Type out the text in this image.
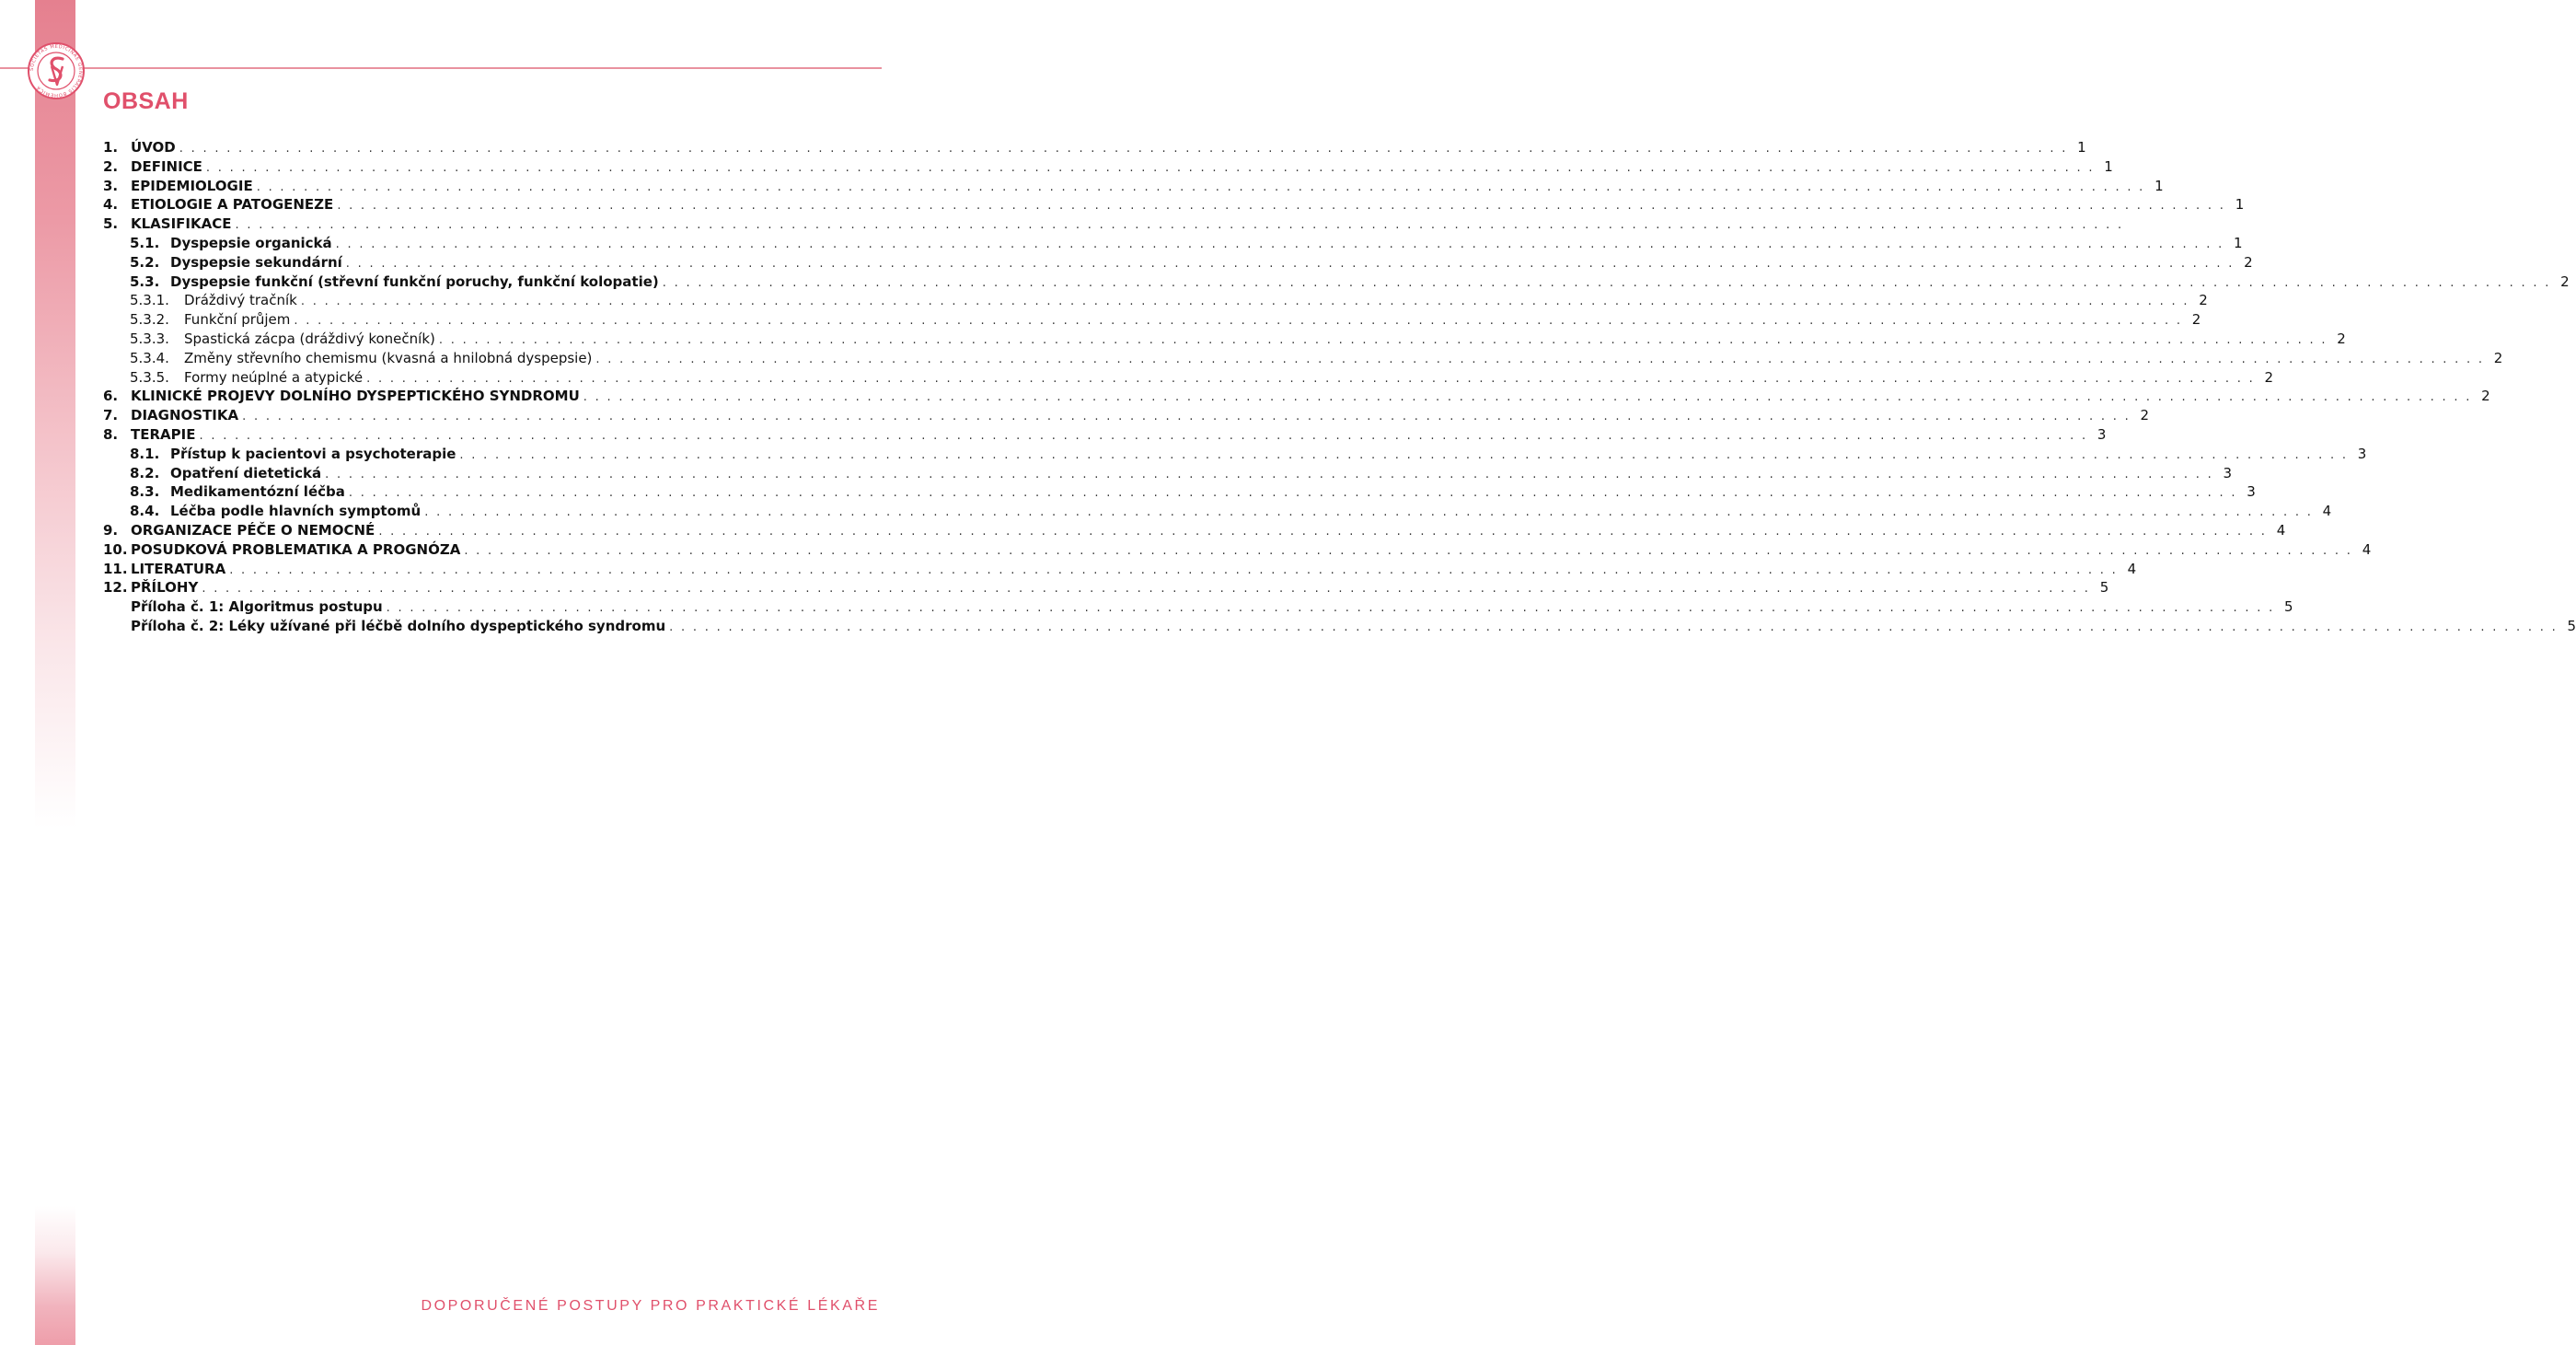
SOCIETAS MEDICINAE GENERALIS BOHEMICA
OBSAH
1. ÚVOD . . . . . . . . . . . . . . . . . . . . . . . . . . . . . . . . . . . . . . . . . . . . . . . . . . . . . . . . . . . . . . . . . . . . . . . . . . . . . . . . . . . . . . . . . . . . . . . . . . . . . . . . . . . . . . . . . . . . . . . . . . . . . . . . . . . . . . . . . . . . . . . . . . . . . . . . . . . . . . . . 1
2. DEFINICE . . . . . . . . . . . . . . . . . . . . . . . . . . . . . . . . . . . . . . . . . . . . . . . . . . . . . . . . . . . . . . . . . . . . . . . . . . . . . . . . . . . . . . . . . . . . . . . . . . . . . . . . . . . . . . . . . . . . . . . . . . . . . . . . . . . . . . . . . . . . . . . . . . . . . . . . . . . . . . . . 1
3. EPIDEMIOLOGIE . . . . . . . . . . . . . . . . . . . . . . . . . . . . . . . . . . . . . . . . . . . . . . . . . . . . . . . . . . . . . . . . . . . . . . . . . . . . . . . . . . . . . . . . . . . . . . . . . . . . . . . . . . . . . . . . . . . . . . . . . . . . . . . . . . . . . . . . . . . . . . . . . . . . . . . . . . . . . . . . 1
4. ETIOLOGIE A PATOGENEZE . . . . . . . . . . . . . . . . . . . . . . . . . . . . . . . . . . . . . . . . . . . . . . . . . . . . . . . . . . . . . . . . . . . . . . . . . . . . . . . . . . . . . . . . . . . . . . . . . . . . . . . . . . . . . . . . . . . . . . . . . . . . . . . . . . . . . . . . . . . . . . . . . . . . . . . . . . . . . . . . 1
5. KLASIFIKACE . . . . . . . . . . . . . . . . . . . . . . . . . . . . . . . . . . . . . . . . . . . . . . . . . . . . . . . . . . . . . . . . . . . . . . . . . . . . . . . . . . . . . . . . . . . . . . . . . . . . . . . . . . . . . . . . . . . . . . . . . . . . . . . . . . . . . . . . . . . . . . . . . . . . . . . . . . . . . . . .
5.1. Dyspepsie organická . . . . . . . . . . . . . . . . . . . . . . . . . . . . . . . . . . . . . . . . . . . . . . . . . . . . . . . . . . . . . . . . . . . . . . . . . . . . . . . . . . . . . . . . . . . . . . . . . . . . . . . . . . . . . . . . . . . . . . . . . . . . . . . . . . . . . . . . . . . . . . . . . . . . . . . . . . . . . . . . 1
5.2. Dyspepsie sekundární . . . . . . . . . . . . . . . . . . . . . . . . . . . . . . . . . . . . . . . . . . . . . . . . . . . . . . . . . . . . . . . . . . . . . . . . . . . . . . . . . . . . . . . . . . . . . . . . . . . . . . . . . . . . . . . . . . . . . . . . . . . . . . . . . . . . . . . . . . . . . . . . . . . . . . . . . . . . . . . . 2
5.3. Dyspepsie funkční (střevní funkční poruchy, funkční kolopatie) . . . . . . . . . . . . . . . . . . . . . . . . . . . . . . . . . . . . . . . . . . . . . . . . . . . . . . . . . . . . . . . . . . . . . . . . . . . . . . . . . . . . . . . . . . . . . . . . . . . . . . . . . . . . . . . . . . . . . . . . . . . . . . . . . . . . . . . . . . . . . . . . . . . . . . . . . . . . . . . . 2
5.3.1.	Dráždivý tračník . . . . . . . . . . . . . . . . . . . . . . . . . . . . . . . . . . . . . . . . . . . . . . . . . . . . . . . . . . . . . . . . . . . . . . . . . . . . . . . . . . . . . . . . . . . . . . . . . . . . . . . . . . . . . . . . . . . . . . . . . . . . . . . . . . . . . . . . . . . . . . . . . . . . . . . . . . . . . . . . 2
5.3.2.	Funkční průjem . . . . . . . . . . . . . . . . . . . . . . . . . . . . . . . . . . . . . . . . . . . . . . . . . . . . . . . . . . . . . . . . . . . . . . . . . . . . . . . . . . . . . . . . . . . . . . . . . . . . . . . . . . . . . . . . . . . . . . . . . . . . . . . . . . . . . . . . . . . . . . . . . . . . . . . . . . . . . . . . 2
5.3.3.	Spastická zácpa (dráždivý konečník) . . . . . . . . . . . . . . . . . . . . . . . . . . . . . . . . . . . . . . . . . . . . . . . . . . . . . . . . . . . . . . . . . . . . . . . . . . . . . . . . . . . . . . . . . . . . . . . . . . . . . . . . . . . . . . . . . . . . . . . . . . . . . . . . . . . . . . . . . . . . . . . . . . . . . . . . . . . . . . . . 2
5.3.4.	Změny střevního chemismu (kvasná a hnilobná dyspepsie) . . . . . . . . . . . . . . . . . . . . . . . . . . . . . . . . . . . . . . . . . . . . . . . . . . . . . . . . . . . . . . . . . . . . . . . . . . . . . . . . . . . . . . . . . . . . . . . . . . . . . . . . . . . . . . . . . . . . . . . . . . . . . . . . . . . . . . . . . . . . . . . . . . . . . . . . . . . . . . . . 2
5.3.5.	Formy neúplné a atypické . . . . . . . . . . . . . . . . . . . . . . . . . . . . . . . . . . . . . . . . . . . . . . . . . . . . . . . . . . . . . . . . . . . . . . . . . . . . . . . . . . . . . . . . . . . . . . . . . . . . . . . . . . . . . . . . . . . . . . . . . . . . . . . . . . . . . . . . . . . . . . . . . . . . . . . . . . . . . . . . 2
6. KLINICKÉ PROJEVY DOLNÍHO DYSPEPTICKÉHO SYNDROMU . . . . . . . . . . . . . . . . . . . . . . . . . . . . . . . . . . . . . . . . . . . . . . . . . . . . . . . . . . . . . . . . . . . . . . . . . . . . . . . . . . . . . . . . . . . . . . . . . . . . . . . . . . . . . . . . . . . . . . . . . . . . . . . . . . . . . . . . . . . . . . . . . . . . . . . . . . . . . . . . 2
7. DIAGNOSTIKA . . . . . . . . . . . . . . . . . . . . . . . . . . . . . . . . . . . . . . . . . . . . . . . . . . . . . . . . . . . . . . . . . . . . . . . . . . . . . . . . . . . . . . . . . . . . . . . . . . . . . . . . . . . . . . . . . . . . . . . . . . . . . . . . . . . . . . . . . . . . . . . . . . . . . . . . . . . . . . . . 2
8. TERAPIE . . . . . . . . . . . . . . . . . . . . . . . . . . . . . . . . . . . . . . . . . . . . . . . . . . . . . . . . . . . . . . . . . . . . . . . . . . . . . . . . . . . . . . . . . . . . . . . . . . . . . . . . . . . . . . . . . . . . . . . . . . . . . . . . . . . . . . . . . . . . . . . . . . . . . . . . . . . . . . . . 3
8.1. Přístup k pacientovi a psychoterapie . . . . . . . . . . . . . . . . . . . . . . . . . . . . . . . . . . . . . . . . . . . . . . . . . . . . . . . . . . . . . . . . . . . . . . . . . . . . . . . . . . . . . . . . . . . . . . . . . . . . . . . . . . . . . . . . . . . . . . . . . . . . . . . . . . . . . . . . . . . . . . . . . . . . . . . . . . . . . . . . 3
8.2. Opatření dietetická . . . . . . . . . . . . . . . . . . . . . . . . . . . . . . . . . . . . . . . . . . . . . . . . . . . . . . . . . . . . . . . . . . . . . . . . . . . . . . . . . . . . . . . . . . . . . . . . . . . . . . . . . . . . . . . . . . . . . . . . . . . . . . . . . . . . . . . . . . . . . . . . . . . . . . . . . . . . . . . . 3
8.3. Medikamentózní léčba . . . . . . . . . . . . . . . . . . . . . . . . . . . . . . . . . . . . . . . . . . . . . . . . . . . . . . . . . . . . . . . . . . . . . . . . . . . . . . . . . . . . . . . . . . . . . . . . . . . . . . . . . . . . . . . . . . . . . . . . . . . . . . . . . . . . . . . . . . . . . . . . . . . . . . . . . . . . . . . . 3
8.4. Léčba podle hlavních symptomů . . . . . . . . . . . . . . . . . . . . . . . . . . . . . . . . . . . . . . . . . . . . . . . . . . . . . . . . . . . . . . . . . . . . . . . . . . . . . . . . . . . . . . . . . . . . . . . . . . . . . . . . . . . . . . . . . . . . . . . . . . . . . . . . . . . . . . . . . . . . . . . . . . . . . . . . . . . . . . . . 4
9. ORGANIZACE PÉČE O NEMOCNÉ . . . . . . . . . . . . . . . . . . . . . . . . . . . . . . . . . . . . . . . . . . . . . . . . . . . . . . . . . . . . . . . . . . . . . . . . . . . . . . . . . . . . . . . . . . . . . . . . . . . . . . . . . . . . . . . . . . . . . . . . . . . . . . . . . . . . . . . . . . . . . . . . . . . . . . . . . . . . . . . . 4
10. POSUDKOVÁ PROBLEMATIKA A PROGNÓZA . . . . . . . . . . . . . . . . . . . . . . . . . . . . . . . . . . . . . . . . . . . . . . . . . . . . . . . . . . . . . . . . . . . . . . . . . . . . . . . . . . . . . . . . . . . . . . . . . . . . . . . . . . . . . . . . . . . . . . . . . . . . . . . . . . . . . . . . . . . . . . . . . . . . . . . . . . . . . . . . 4
11. LITERATURA . . . . . . . . . . . . . . . . . . . . . . . . . . . . . . . . . . . . . . . . . . . . . . . . . . . . . . . . . . . . . . . . . . . . . . . . . . . . . . . . . . . . . . . . . . . . . . . . . . . . . . . . . . . . . . . . . . . . . . . . . . . . . . . . . . . . . . . . . . . . . . . . . . . . . . . . . . . . . . . . 4
12. PŘÍLOHY . . . . . . . . . . . . . . . . . . . . . . . . . . . . . . . . . . . . . . . . . . . . . . . . . . . . . . . . . . . . . . . . . . . . . . . . . . . . . . . . . . . . . . . . . . . . . . . . . . . . . . . . . . . . . . . . . . . . . . . . . . . . . . . . . . . . . . . . . . . . . . . . . . . . . . . . . . . . . . . . 5
Příloha č. 1: Algoritmus postupu . . . . . . . . . . . . . . . . . . . . . . . . . . . . . . . . . . . . . . . . . . . . . . . . . . . . . . . . . . . . . . . . . . . . . . . . . . . . . . . . . . . . . . . . . . . . . . . . . . . . . . . . . . . . . . . . . . . . . . . . . . . . . . . . . . . . . . . . . . . . . . . . . . . . . . . . . . . . . . . . 5
Příloha č. 2: Léky užívané při léčbě dolního dyspeptického syndromu . . . . . . . . . . . . . . . . . . . . . . . . . . . . . . . . . . . . . . . . . . . . . . . . . . . . . . . . . . . . . . . . . . . . . . . . . . . . . . . . . . . . . . . . . . . . . . . . . . . . . . . . . . . . . . . . . . . . . . . . . . . . . . . . . . . . . . . . . . . . . . . . . . . . . . . . . . . . . . . . 5

DOPORUČENÉ POSTUPY PRO PRAKTICKÉ LÉKAŘE
